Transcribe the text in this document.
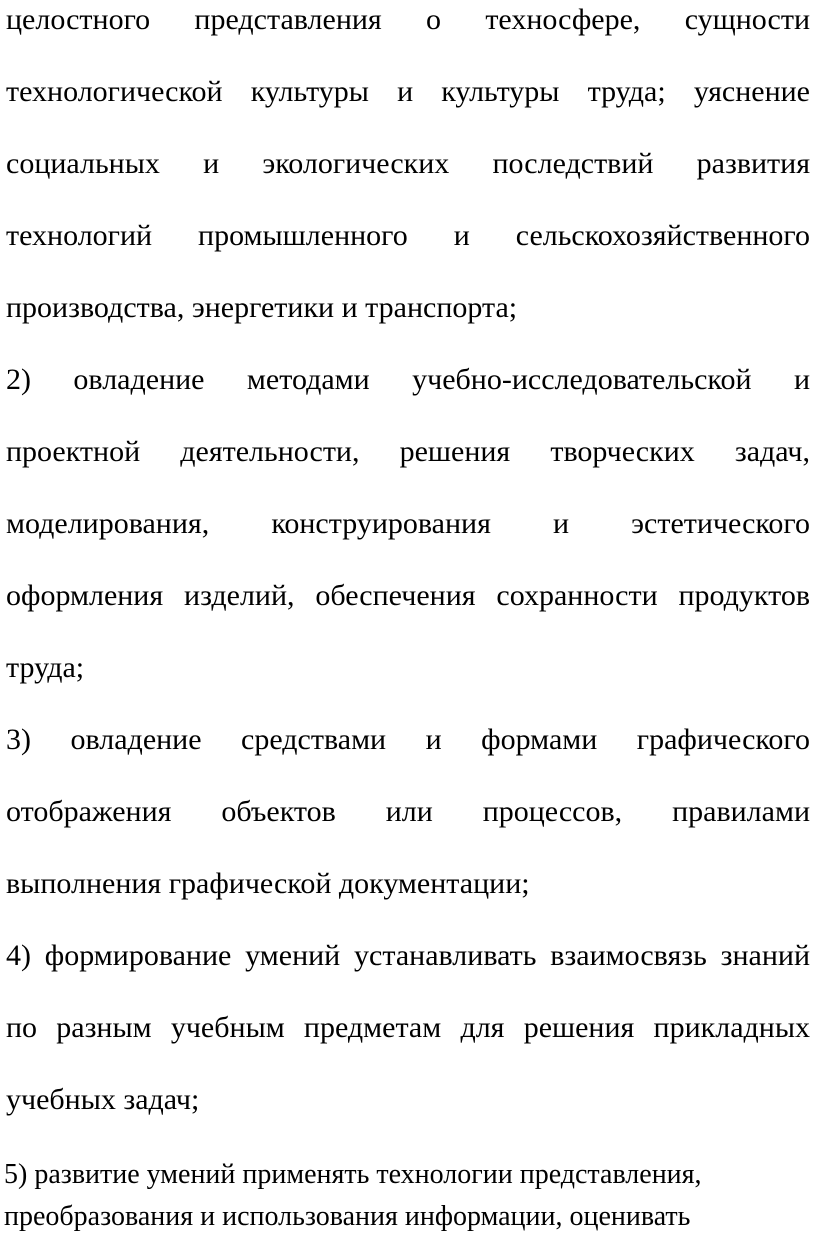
целостного представления о техносфере, сущности

технологической культуры и культуры труда; уяснение

социальных и экологических последствий развития

технологий промышленного и сельскохозяйственного

производства, энергетики и транспорта;

2) овладение методами учебно-исследовательской и

проектной деятельности, решения творческих задач,

моделирования, конструирования и эстетического

оформления изделий, обеспечения сохранности продуктов

труда;

3) овладение средствами и формами графического

отображения объектов или процессов, правилами

выполнения графической документации;

4) формирование умений устанавливать взаимосвязь знаний

по разным учебным предметам для решения прикладных

учебных задач;

5) развитие умений применять технологии представления,

преобразования и использования информации, оценивать
